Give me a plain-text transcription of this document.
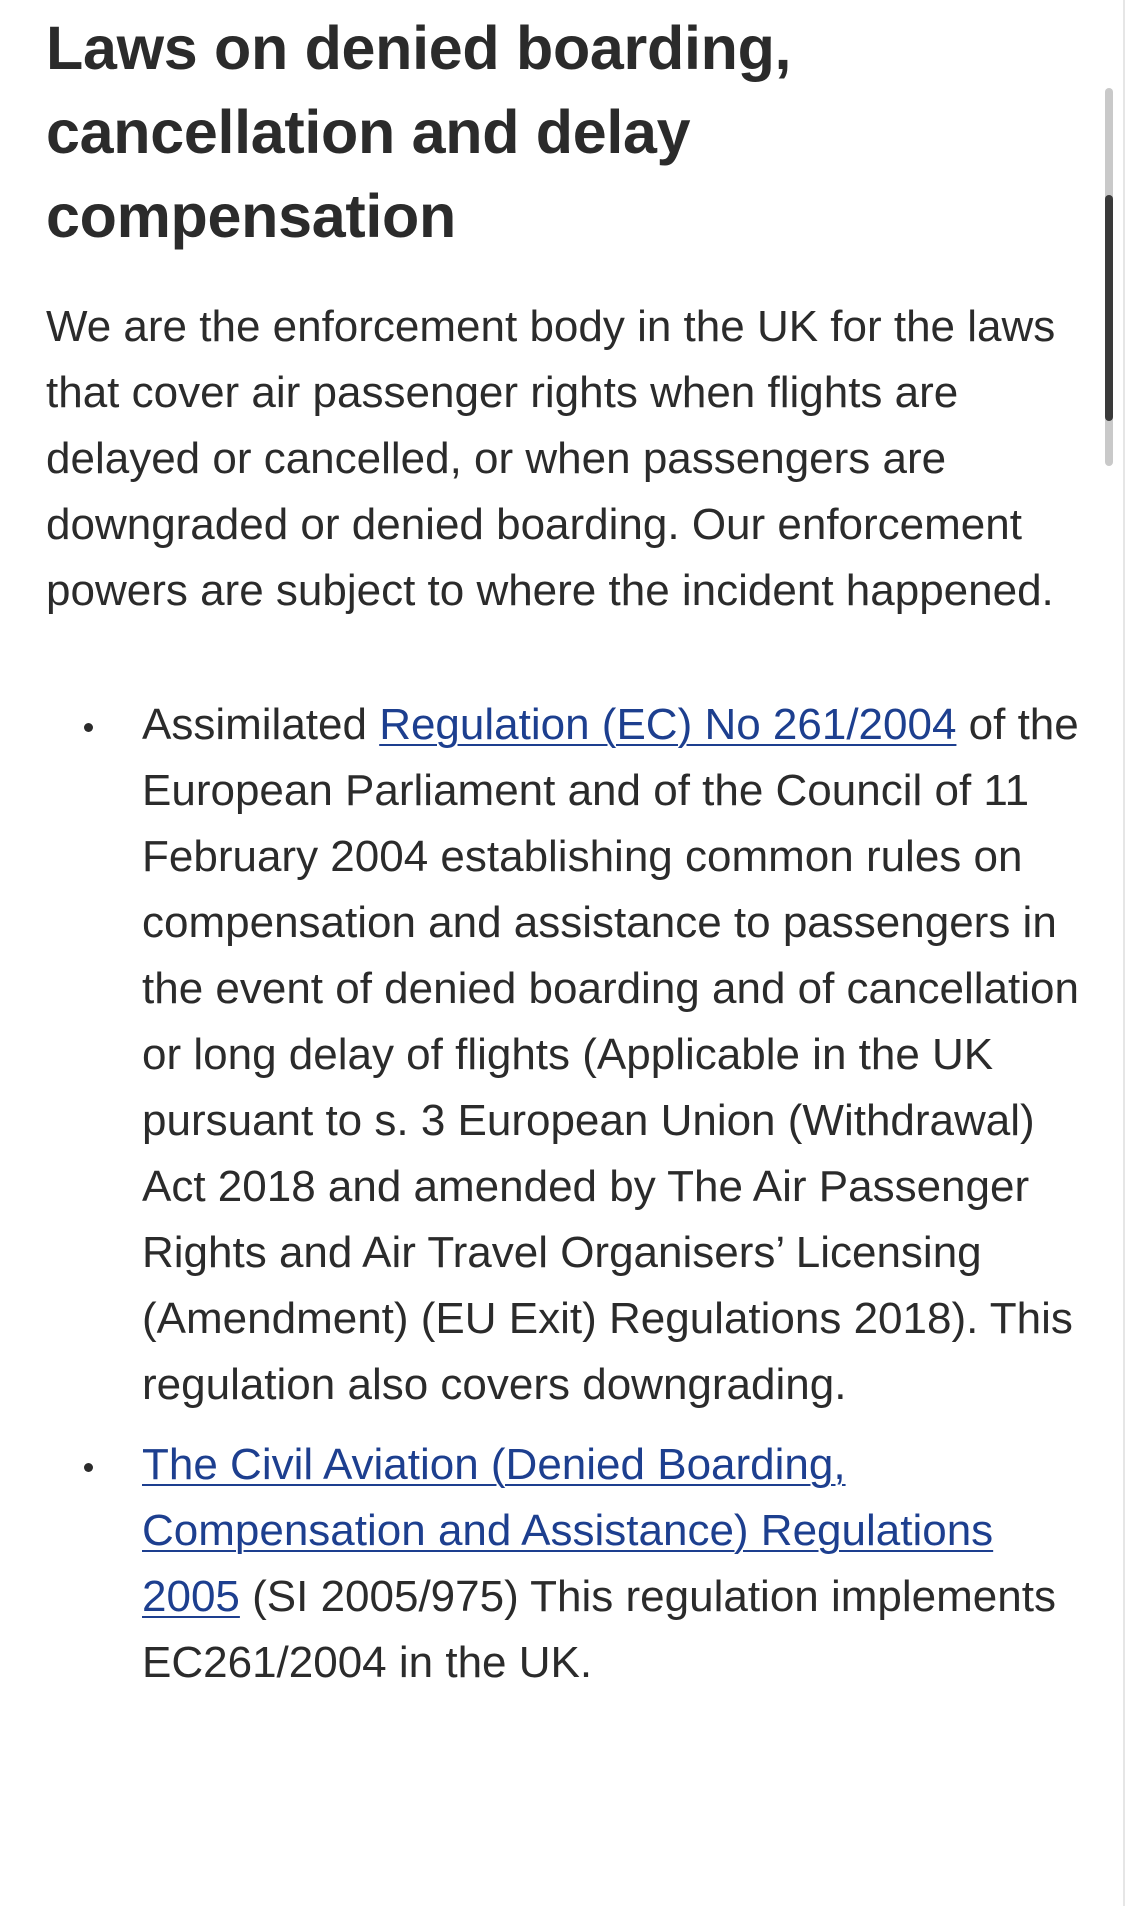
Laws on denied boarding, cancellation and delay compensation

We are the enforcement body in the UK for the laws that cover air passenger rights when flights are delayed or cancelled, or when passengers are downgraded or denied boarding. Our enforcement powers are subject to where the incident happened.

Assimilated Regulation (EC) No 261/2004 of the European Parliament and of the Council of 11 February 2004 establishing common rules on compensation and assistance to passengers in the event of denied boarding and of cancellation or long delay of flights (Applicable in the UK pursuant to s. 3 European Union (Withdrawal) Act 2018 and amended by The Air Passenger Rights and Air Travel Organisers’ Licensing (Amendment) (EU Exit) Regulations 2018). This regulation also covers downgrading.
The Civil Aviation (Denied Boarding, Compensation and Assistance) Regulations 2005 (SI 2005/975) This regulation implements EC261/2004 in the UK.
